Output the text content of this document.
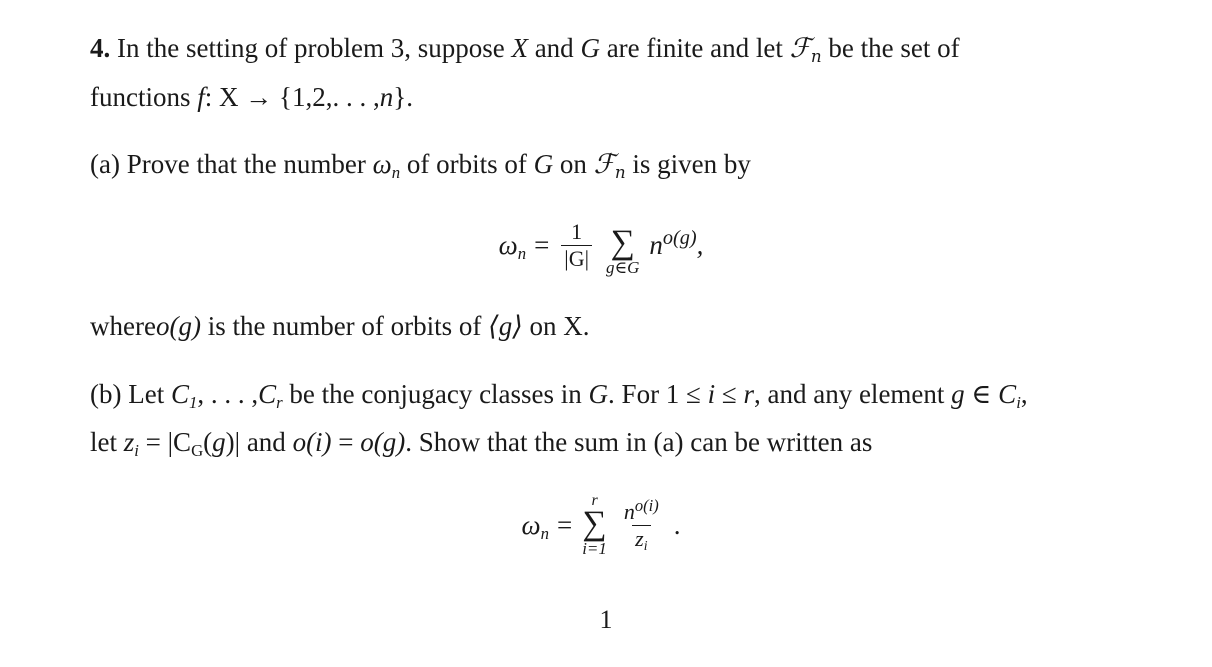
4. In the setting of problem 3, suppose X and G are finite and let ℱ$_n$ be the set of
functions f: X → {1,2,. . . ,n}.
(a) Prove that the number $\omega_n$ of orbits of G on ℱ$_n$ is given by
$\omega_n = \frac{1}{|G|}$ ∑
g∈G
$n^{o(g)}$,
whereo(g) is the number of orbits of ⟨g⟩ on X.
(b) Let $C_1$, . . . $,C_r$ be the conjugacy classes in G. For 1 ≤ i ≤ r, and any element g ∈ $C_i$,
let $z_i = |C_G(g)|$ and o(i) = o(g). Show that the sum in (a) can be written as
$\omega_n$ =
r
∑
$i=1 \frac{n^{o(i)}}{z_i}$ .
1
